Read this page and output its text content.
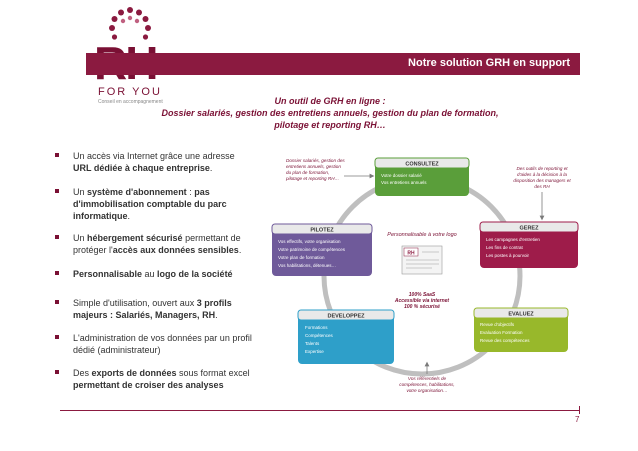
FOR YOU
Conseil en accompagnement
Notre solution GRH en support
Un outil de GRH en ligne :
Dossier salariés, gestion des entretiens annuels, gestion du plan de formation,
pilotage et reporting RH…
Un accès via Internet grâce une adresse URL dédiée à chaque entreprise.
Un système d'abonnement : pas d'immobilisation comptable du parc informatique.
Un hébergement sécurisé permettant de protéger l'accès aux données sensibles.
Personnalisable au logo de la société
Simple d'utilisation, ouvert aux 3 profils majeurs : Salariés, Managers, RH.
L'administration de vos données par un profil dédié (administrateur)
Des exports de données sous format excel permettant de croiser des analyses
Personnalisable à votre logo
RH
100% SaaS
Accessible via internet
100 % sécurisé
CONSULTEZ
Votre dossier salarié
Vos entretiens annuels
GEREZ
Les campagnes d'entretien
Les fins de contrat
Les postes à pourvoir
EVALUEZ
Revue d'objectifs
Evaluation Formation
Revue des compétences
DEVELOPPEZ
Formations
Compétences
Talents
Expertise
PILOTEZ
Vos effectifs, votre organisation
Votre patrimoine de compétences
Votre plan de formation
Vos habilitations, détenues…
Dossier salariés, gestion des
entretiens annuels, gestion
du plan de formation,
pilotage et reporting RH…
Des outils de reporting et
d'aides à la décision à la
disposition des managers et
des RH
Vos référentiels de
compétences, habilitations,
votre organisation…
7
